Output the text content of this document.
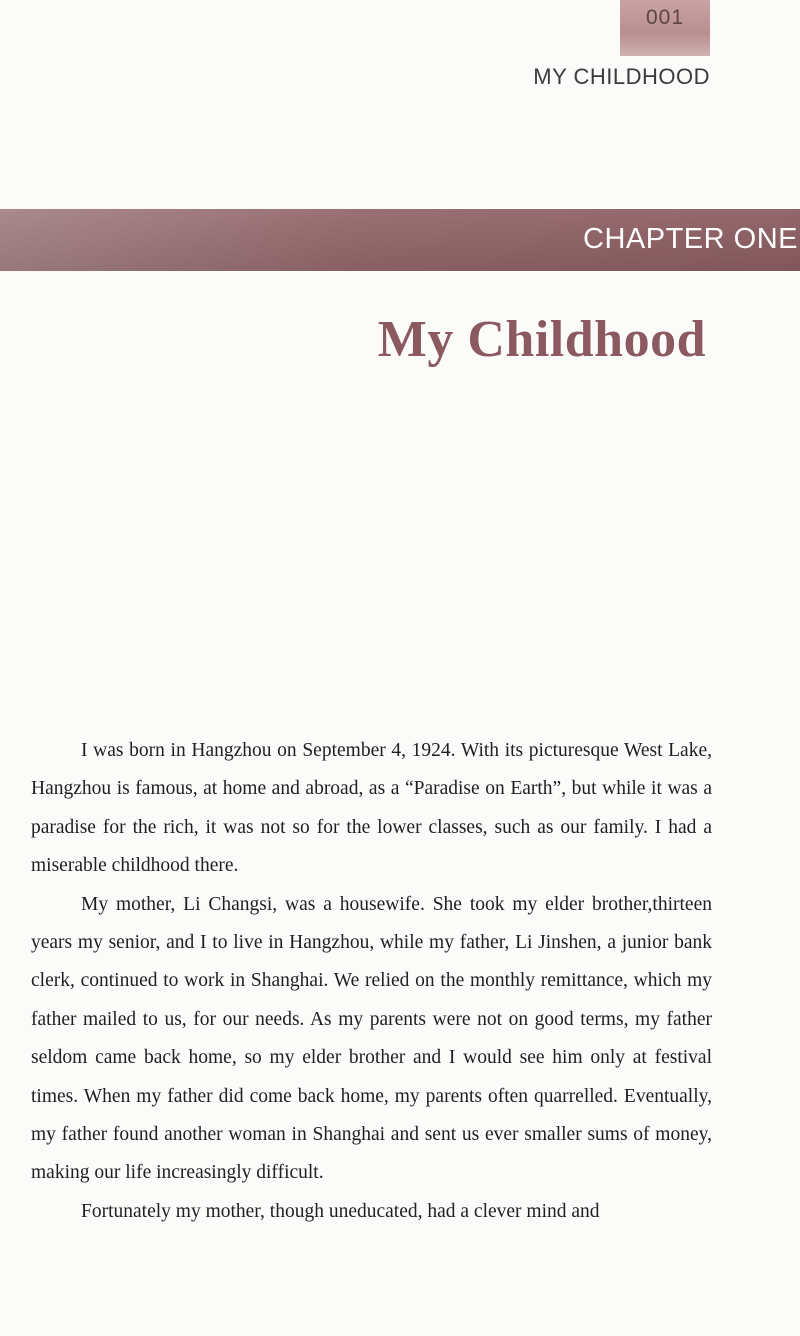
001
MY CHILDHOOD
CHAPTER ONE
My Childhood

I was born in Hangzhou on September 4, 1924. With its picturesque West Lake, Hangzhou is famous, at home and abroad, as a “Paradise on Earth”, but while it was a paradise for the rich, it was not so for the lower classes, such as our family. I had a miserable childhood there.

My mother, Li Changsi, was a housewife. She took my elder brother,thirteen years my senior, and I to live in Hangzhou, while my father, Li Jinshen, a junior bank clerk, continued to work in Shanghai. We relied on the monthly remittance, which my father mailed to us, for our needs. As my parents were not on good terms, my father seldom came back home, so my elder brother and I would see him only at festival times. When my father did come back home, my parents often quarrelled. Eventually, my father found another woman in Shanghai and sent us ever smaller sums of money, making our life increasingly difficult.

Fortunately my mother, though uneducated, had a clever mind and
